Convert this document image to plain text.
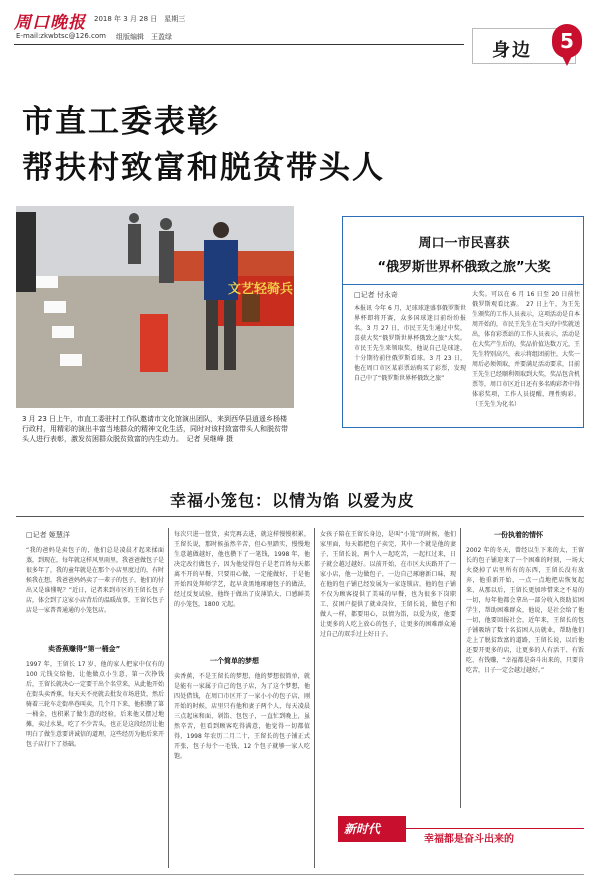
周口晚报 2018 年 3 月 28 日　星期三
E-mail:zkwbtsc@126.com 组版编辑　王盈绿
身边	5
市直工委表彰
帮扶村致富和脱贫带头人
文艺轻骑兵
3 月 23 日上午，市直工委驻村工作队邀请市文化馆演出团队，来到西华县逍遥乡杨楼行政村，用精彩的演出丰富当地群众的精神文化生活，同时对该村致富带头人和脱贫带头人进行表彰，激发贫困群众脱贫致富的内生动力。　记者 吴继峰 摄
周口一市民喜获
“俄罗斯世界杯俄致之旅”大奖
□记者 付永奇
本报讯 今年 6 月，足球球迷盛事俄罗斯世界杯即将开赛，众多国球迷目前纷纷报名。3 月 27 日，市民王先生通过中奖，喜获大奖“俄罗斯世界杯俄致之旅”大奖。市民王先生来领取奖，他说自己是球迷，十分期待前往俄罗斯看球。3 月 23 日，他在周口市区某彩票站购买了彩票，发现自己中了“俄罗斯世界杯俄致之旅”
大奖。可以在 6 月 16 日至 20 日前往俄罗斯观看比赛。　27 日上午，为王先生颁奖的工作人员表示，这项活动是自本周开始的，市民王先生在当天的中奖就送出，体育彩票站的工作人员表示，活动是在大奖产生后的，奖品价值达数万元，王先生特别高兴，表示将组团前往，大奖一周后必须领取，并要满足活动要求，目前王先生已经顺利领取到大奖，奖品包含机票等，周口市区近日还有多名购彩者中得体彩奖项，工作人员提醒，理性购彩。（王先生为化名）
幸福小笼包：以情为馅 以爱为皮
□记者 姬慧洋
“我的爸妈是卖包子的，他们总是凌晨才起来揉面蒸，到现在，每年就这样风里雨里，我爸爸做包子是很多年了，我的童年就是在那个小店里度过的，有时候我在想，我爸爸妈妈卖了一辈子的包子，他们的付出又是谁懂呢？”近日，记者来到市区的王留长包子店，体会到了这家小店背后的温暖故事，王留长包子店是一家普普通通的小笼包店。
卖香蕉赚得“第一桶金”
1997 年，王留长 17 岁，他的家人把家中仅有的 100 元钱交给他，让他做点小生意，第一次挣钱后，王留长就决心一定要干出个名堂来，从此他开始在街头卖香蕉，每天天不亮就去批发市场进货，然后骑着三轮车走街串巷叫卖，几个月下来，他积攒了第一桶金，也积累了做生意的经验，后来他又摆过地摊，卖过水果，吃了不少苦头，也正是这段经历让他明白了做生意要讲诚信的道理，这些经历为他后来开包子店打下了基础。
每次只进一筐货，卖完再去进，就这样慢慢积累，王留长说，那时候虽然辛苦，但心里踏实，慢慢地生意越做越好，他也攒下了一笔钱，1998 年，他决定改行做包子，因为他觉得包子是老百姓每天都离不开的早餐，只要用心做，一定能做好，于是他开始四处拜师学艺，起早贪黑地琢磨包子的做法，经过反复试验，他终于做出了皮薄馅大、口感鲜美的小笼包，1800 元起。
一个简单的梦想
卖香蕉，不是王留长的梦想，他的梦想很简单，就是能有一家属于自己的包子店，为了这个梦想，他四处借钱，在周口市区开了一家小小的包子店，刚开始的时候，店里只有他和妻子两个人，每天凌晨三点起床和面、剁馅、包包子，一直忙到晚上，虽然辛苦，但看到顾客吃得满意，他觉得一切都值得，1998 年农历二月二十，王留长的包子铺正式开张，包子每个一毛钱，12 个包子就够一家人吃饱。
女孩子陪在王留长身边，是叫“小笼”的时候，他们家里面，每天都把包子卖完，其中一个就是他的妻子，王留长说，两个人一起吃苦，一起扛过来，日子就会越过越好。以前开始，在市区大庆路开了一家小店，他一边做包子，一边自己琢磨新口味，现在他的包子铺已经发展为一家连锁店，他的包子铺不仅为顾客提供了美味的早餐，也为很多下岗职工、贫困户提供了就业岗位，王留长说，做包子和做人一样，都要用心，以情为馅，以爱为皮，他要让更多的人吃上放心的包子，让更多的困难群众通过自己的双手过上好日子。
一份执着的情怀
2002 年的冬天，曾经以生下来的太，王留长的包子铺迎来了一个困难的时刻，一场大火烧掉了店里所有的东西，王留长没有放弃，他重新开始，一点一点地把店恢复起来，从那以后，王留长更加珍惜来之不易的一切，每年他都会拿出一部分收入资助贫困学生，帮助困难群众，他说，是社会给了他一切，他要回报社会，近年来，王留长的包子铺吸纳了数十名贫困人员就业，帮助他们走上了脱贫致富的道路，王留长说，以后他还要开更多的店，让更多的人有活干、有饭吃、有钱赚，“幸福都是奋斗出来的，只要肯吃苦，日子一定会越过越好。”
新时代
幸福都是奋斗出来的
